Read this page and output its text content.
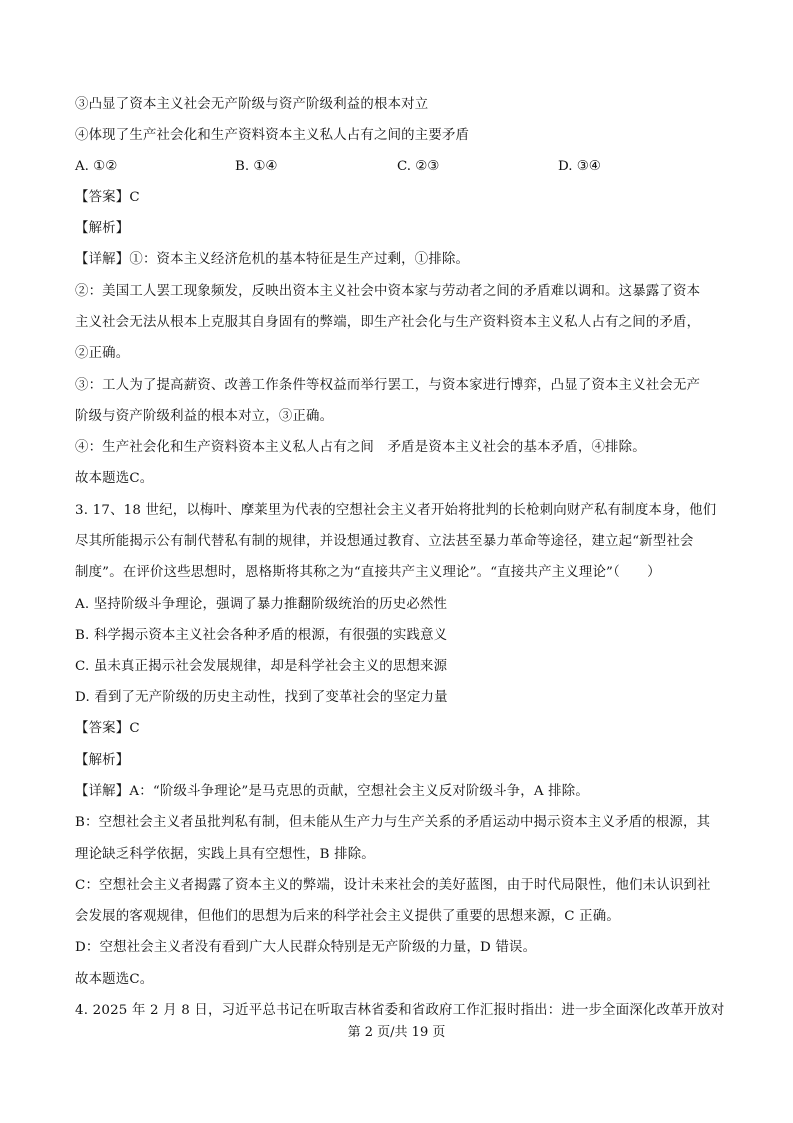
③凸显了资本主义社会无产阶级与资产阶级利益的根本对立
④体现了生产社会化和生产资料资本主义私人占有之间的主要矛盾
A. ①②	B. ①④	C. ②③	D. ③④
【答案】C
【解析】
【详解】①：资本主义经济危机的基本特征是生产过剩，①排除。
②：美国工人罢工现象频发，反映出资本主义社会中资本家与劳动者之间的矛盾难以调和。这暴露了资本
主义社会无法从根本上克服其自身固有的弊端，即生产社会化与生产资料资本主义私人占有之间的矛盾，
②正确。
③：工人为了提高薪资、改善工作条件等权益而举行罢工，与资本家进行博弈，凸显了资本主义社会无产
阶级与资产阶级利益的根本对立，③正确。
④：生产社会化和生产资料资本主义私人占有之间　矛盾是资本主义社会的基本矛盾，④排除。
故本题选C。
3. 17、18 世纪，以梅叶、摩莱里为代表的空想社会主义者开始将批判的长枪刺向财产私有制度本身，他们
尽其所能揭示公有制代替私有制的规律，并设想通过教育、立法甚至暴力革命等途径，建立起“新型社会
制度”。在评价这些思想时，恩格斯将其称之为“直接共产主义理论”。“直接共产主义理论”（　　）
A. 坚持阶级斗争理论，强调了暴力推翻阶级统治的历史必然性
B. 科学揭示资本主义社会各种矛盾的根源，有很强的实践意义
C. 虽未真正揭示社会发展规律，却是科学社会主义的思想来源
D. 看到了无产阶级的历史主动性，找到了变革社会的坚定力量
【答案】C
【解析】
【详解】A：“阶级斗争理论”是马克思的贡献，空想社会主义反对阶级斗争，A 排除。
B：空想社会主义者虽批判私有制，但未能从生产力与生产关系的矛盾运动中揭示资本主义矛盾的根源，其
理论缺乏科学依据，实践上具有空想性，B 排除。
C：空想社会主义者揭露了资本主义的弊端，设计未来社会的美好蓝图，由于时代局限性，他们未认识到社
会发展的客观规律，但他们的思想为后来的科学社会主义提供了重要的思想来源，C 正确。
D：空想社会主义者没有看到广大人民群众特别是无产阶级的力量，D 错误。
故本题选C。
4. 2025 年 2 月 8 日，习近平总书记在听取吉林省委和省政府工作汇报时指出：进一步全面深化改革开放对
第 2 页/共 19 页
